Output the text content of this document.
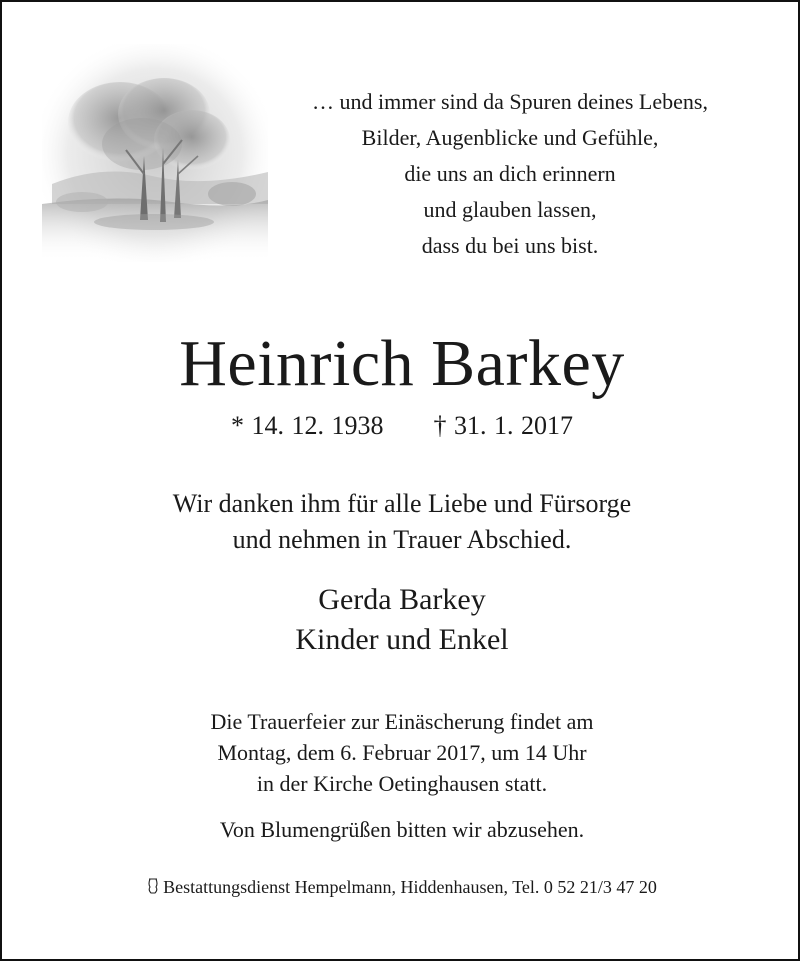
… und immer sind da Spuren deines Lebens,
Bilder, Augenblicke und Gefühle,
die uns an dich erinnern
und glauben lassen,
dass du bei uns bist.
Heinrich Barkey
* 14. 12. 1938 † 31. 1. 2017
Wir danken ihm für alle Liebe und Fürsorge
und nehmen in Trauer Abschied.
Gerda Barkey
Kinder und Enkel
Die Trauerfeier zur Einäscherung findet am
Montag, dem 6. Februar 2017, um 14 Uhr
in der Kirche Oetinghausen statt.
Von Blumengrüßen bitten wir abzusehen.
Bestattungsdienst Hempelmann, Hiddenhausen, Tel. 0 52 21/3 47 20
